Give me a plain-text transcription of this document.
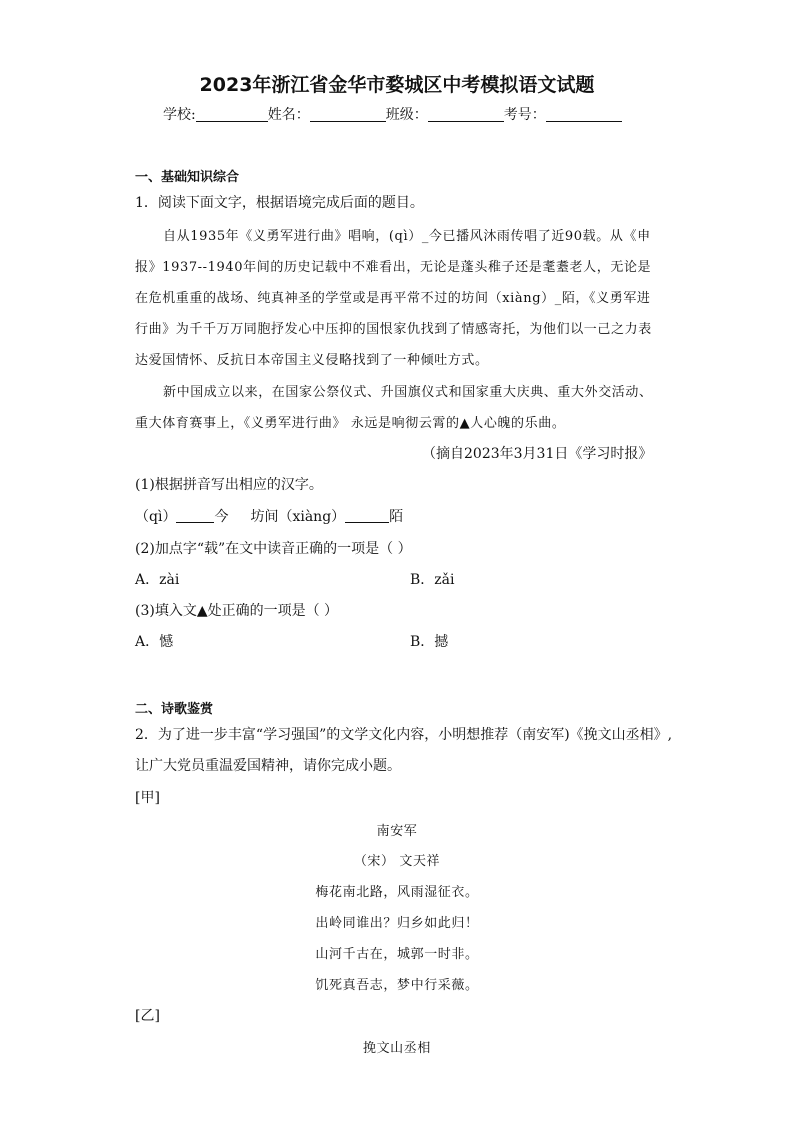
2023年浙江省金华市婺城区中考模拟语文试题
学校:	姓名：	班级：	考号：
一、基础知识综合
1．阅读下面文字，根据语境完成后面的题目。
自从1935年《义勇军进行曲》唱响，(qì）_今已播风沐雨传唱了近90载。从《申
报》1937--1940年间的历史记载中不难看出，无论是蓬头稚子还是耄耋老人，无论是
在危机重重的战场、纯真神圣的学堂或是再平常不过的坊间（xiàng）_陌，《义勇军进
行曲》为千千万万同胞抒发心中压抑的国恨家仇找到了情感寄托，为他们以一己之力表
达爱国情怀、反抗日本帝国主义侵略找到了一种倾吐方式。
新中国成立以来，在国家公祭仪式、升国旗仪式和国家重大庆典、重大外交活动、
重大体育赛事上，《义勇军进行曲》 永远是响彻云霄的▲人心魄的乐曲。
（摘自2023年3月31日《学习时报》
(1)根据拼音写出相应的汉字。
（qì）	今 坊间（xiàng）	陌
(2)加点字“载”在文中读音正确的一项是（ ）
A．zài	B．zǎi
(3)填入文▲处正确的一项是（ ）
A．憾	B．撼
二、诗歌鉴赏
2．为了进一步丰富“学习强国”的文学文化内容，小明想推荐（南安军)《挽文山丞相》,
让广大党员重温爱国精神，请你完成小题。
[甲]
南安军
（宋） 文天祥
梅花南北路，风雨湿征衣。
出岭同谁出？归乡如此归！
山河千古在，城郭一时非。
饥死真吾志，梦中行采薇。
[乙]
挽文山丞相
